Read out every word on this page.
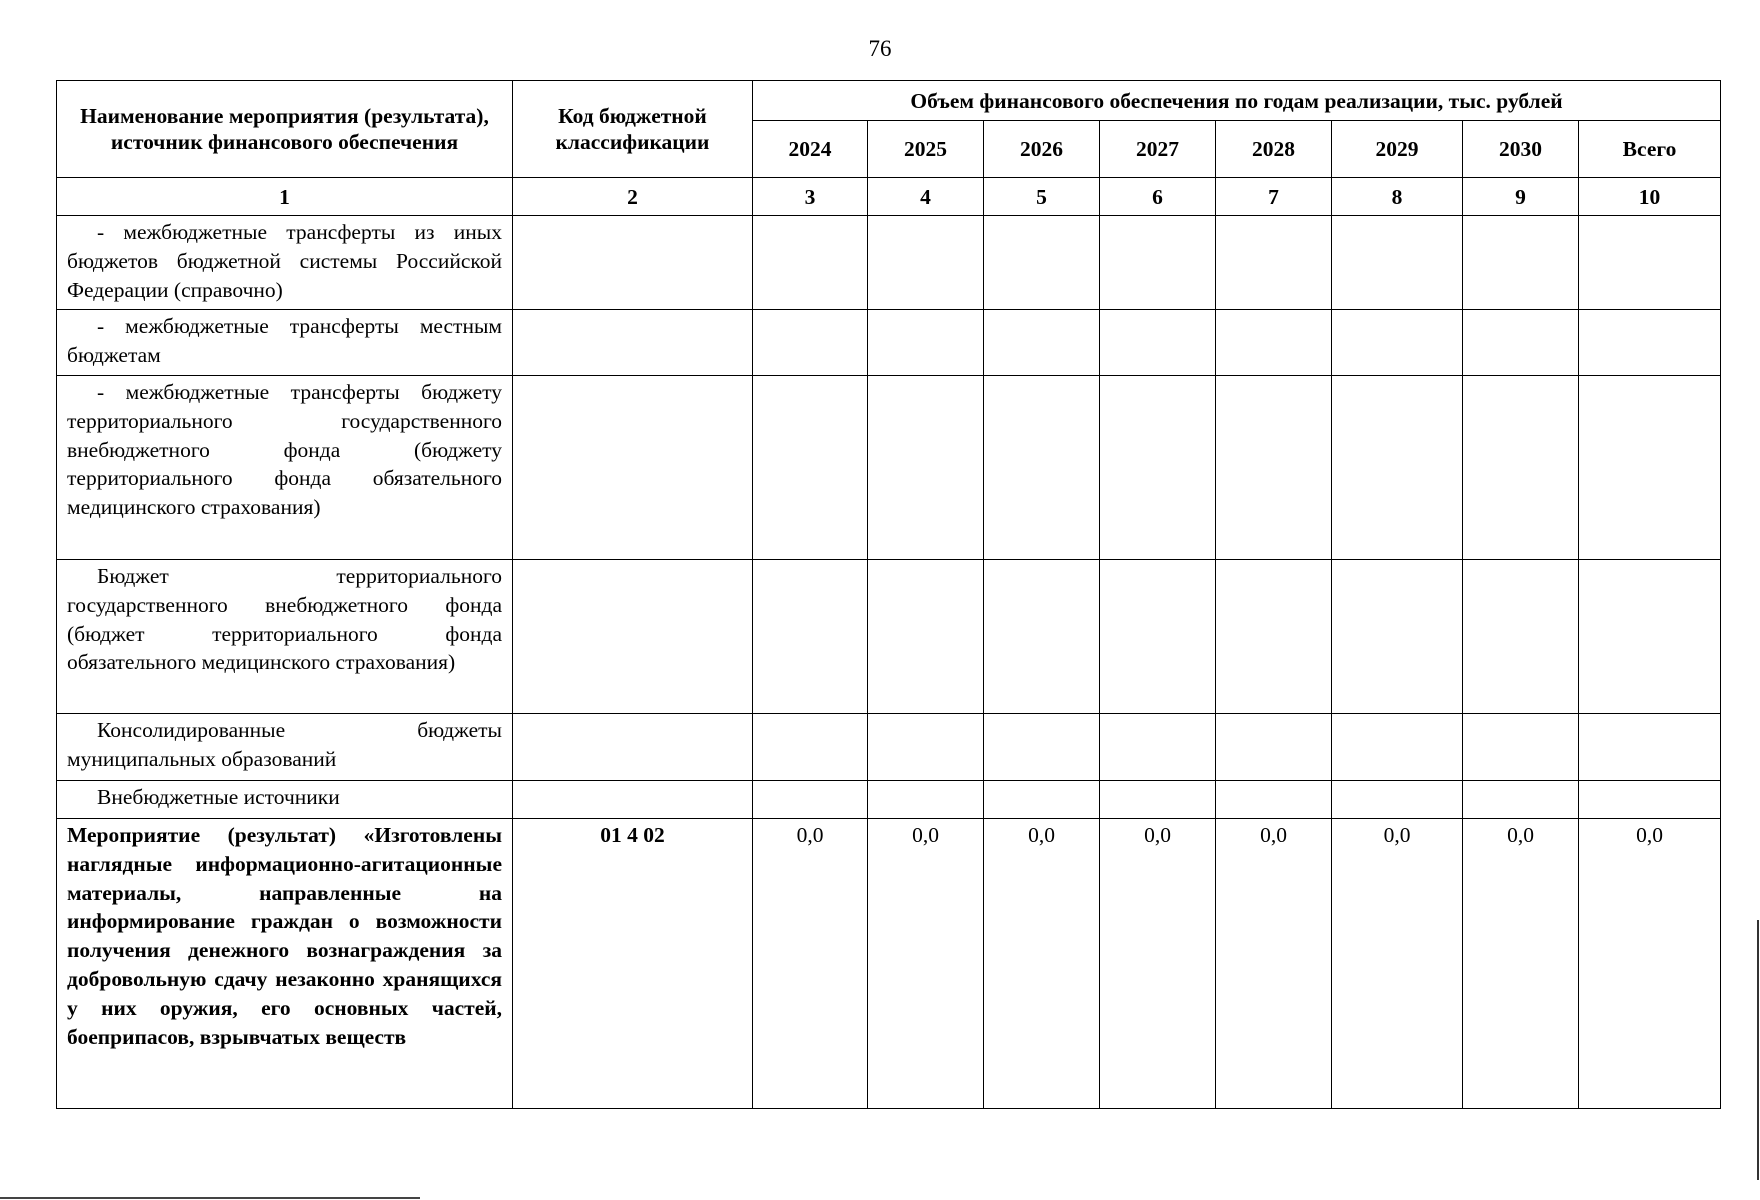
76
Наименование мероприятия (результата), источник финансового обеспечения	Код бюджетной классификации	Объем финансового обеспечения по годам реализации, тыс. рублей							
		2024	2025	2026	2027	2028	2029	2030	Всего
1	2	3	4	5	6	7	8	9	10
- межбюджетные трансферты из иных бюджетов бюджетной системы Российской Федерации (справочно)									
- межбюджетные трансферты местным бюджетам									
- межбюджетные трансферты бюджету территориального государственного внебюджетного фонда (бюджету территориального фонда обязательного медицинского страхования)									
Бюджет территориального государственного внебюджетного фонда (бюджет территориального фонда обязательного медицинского страхования)									
Консолидированные бюджеты муниципальных образований									
Внебюджетные источники									
Мероприятие (результат) «Изготовлены наглядные информационно-агитационные материалы, направленные на информирование граждан о возможности получения денежного вознаграждения за добровольную сдачу незаконно хранящихся у них оружия, его основных частей, боеприпасов, взрывчатых веществ	01 4 02	0,0	0,0	0,0	0,0	0,0	0,0	0,0	0,0
